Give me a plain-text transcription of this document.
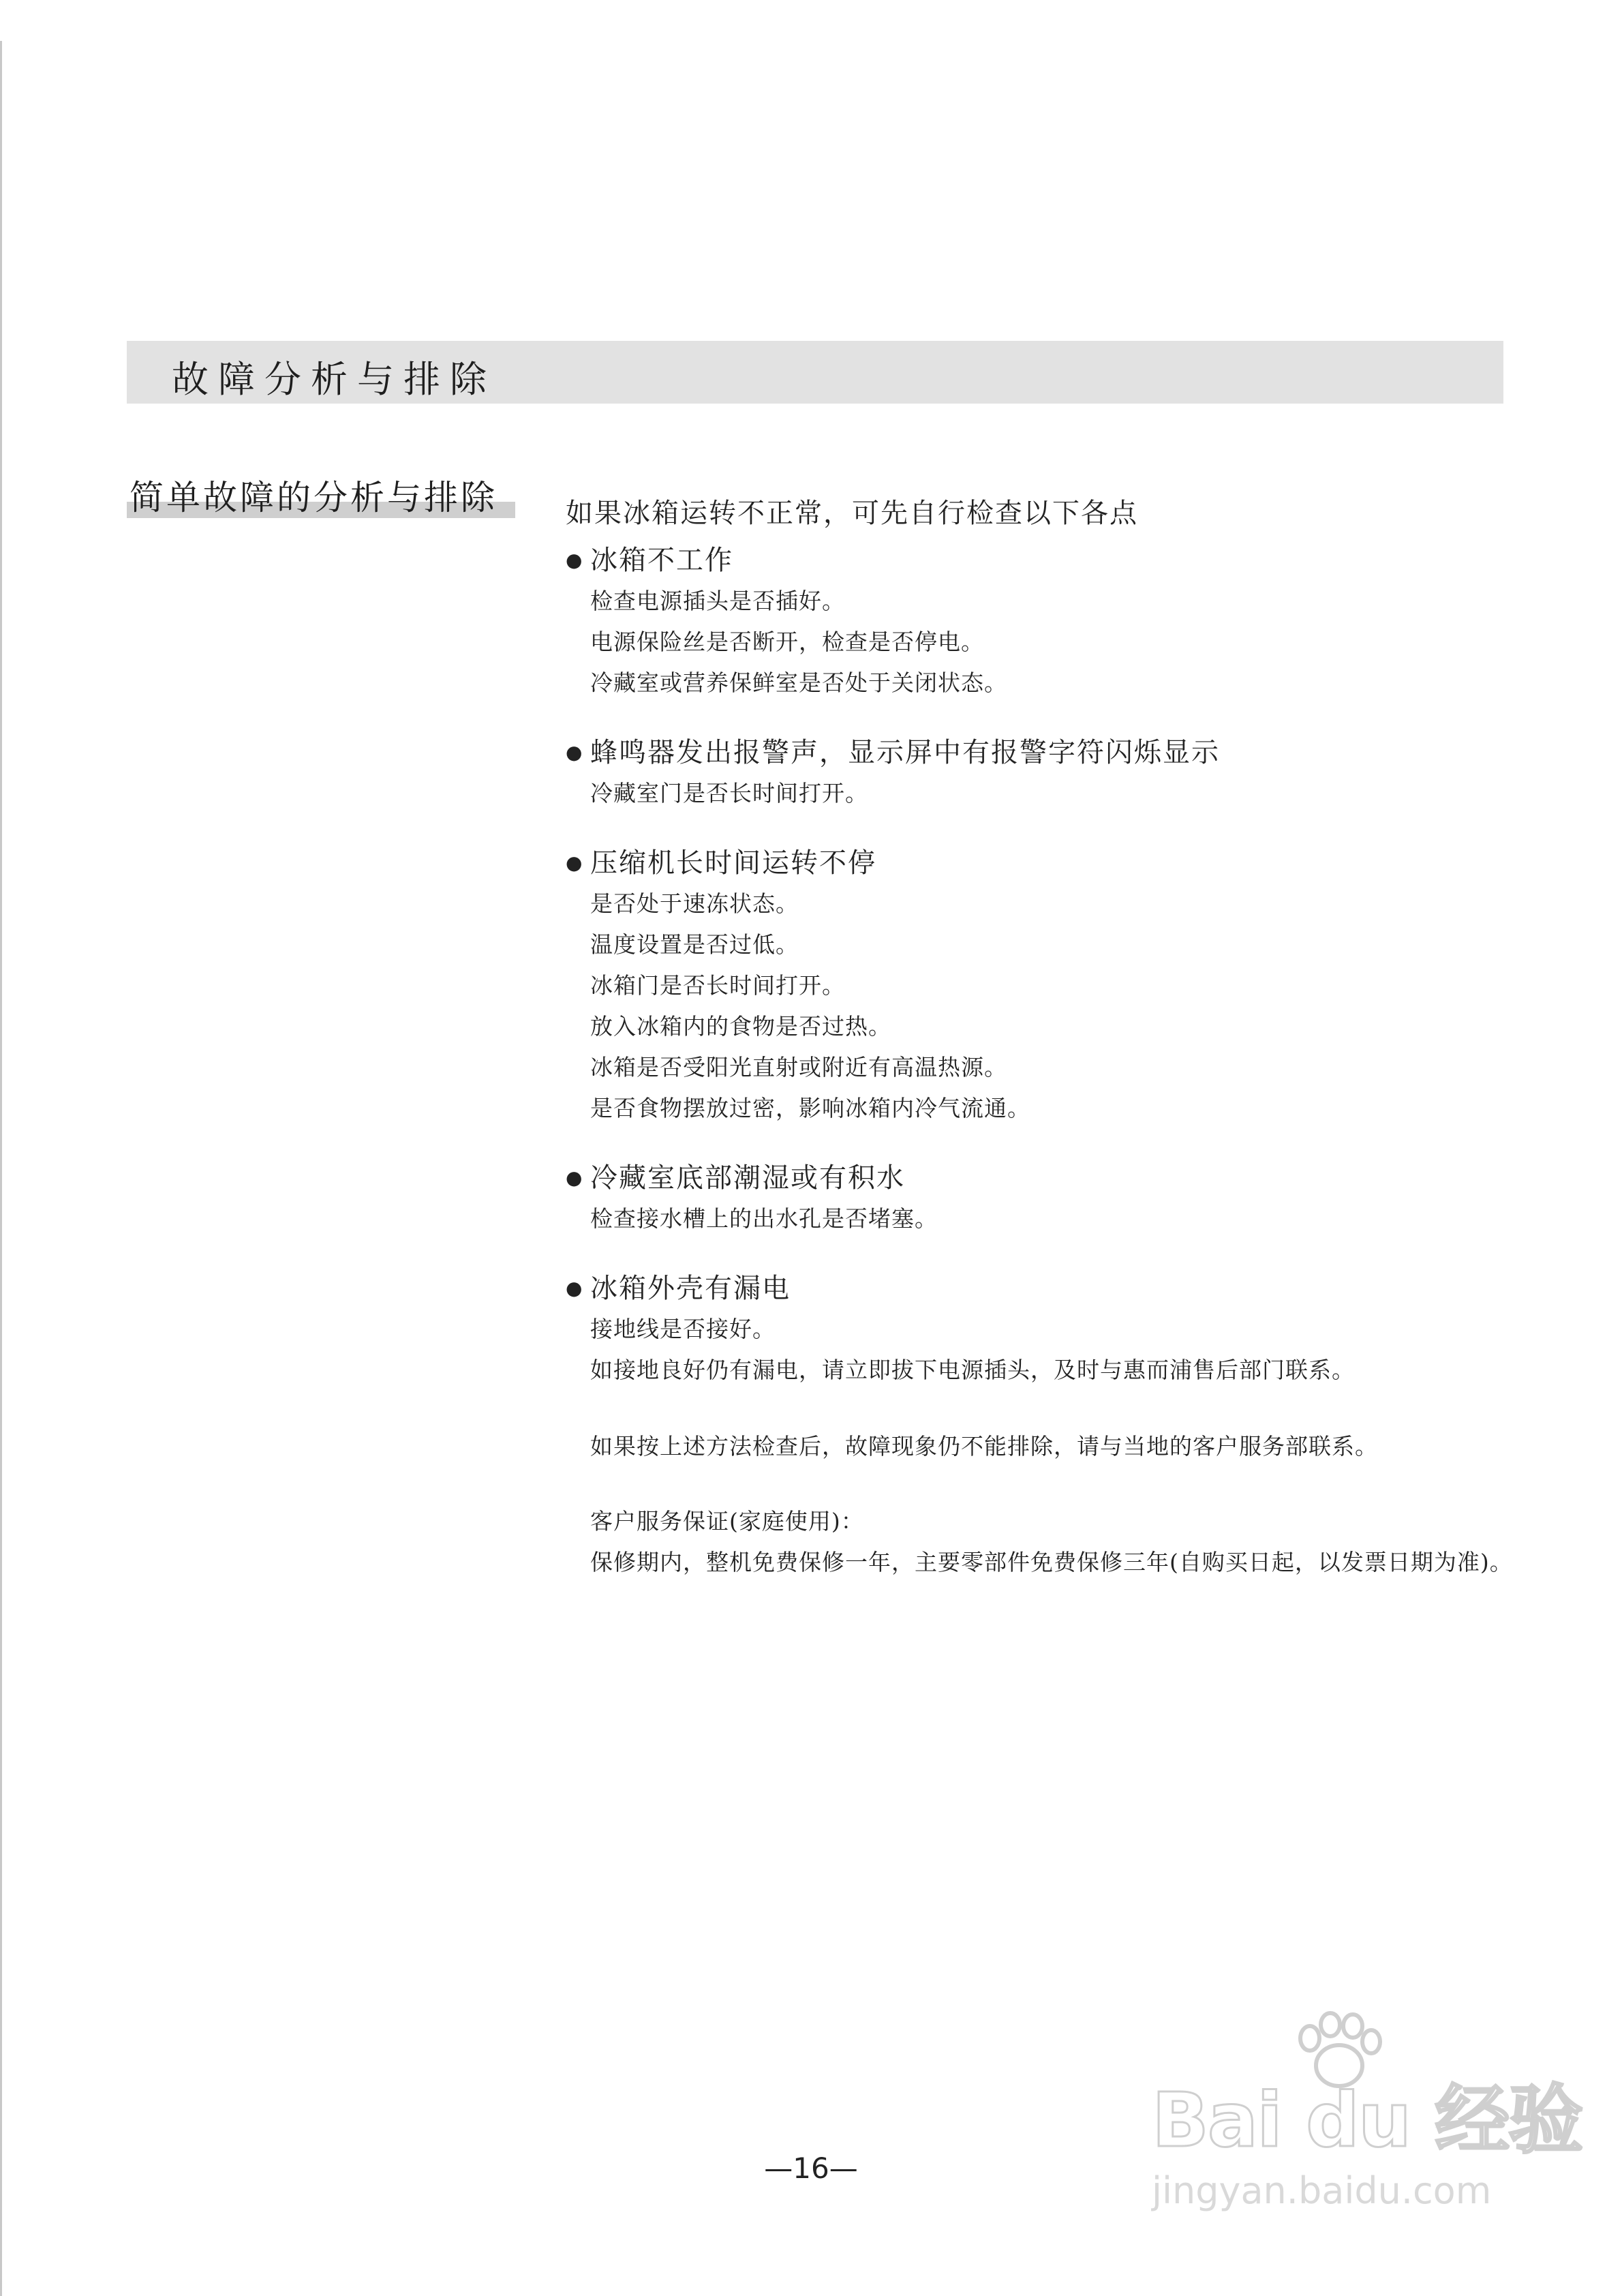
故障分析与排除
简单故障的分析与排除	如果冰箱运转不正常，可先自行检查以下各点
● 冰箱不工作
检查电源插头是否插好。
电源保险丝是否断开，检查是否停电。
冷藏室或营养保鲜室是否处于关闭状态。
● 蜂鸣器发出报警声，显示屏中有报警字符闪烁显示
冷藏室门是否长时间打开。
● 压缩机长时间运转不停
是否处于速冻状态。
温度设置是否过低。
冰箱门是否长时间打开。
放入冰箱内的食物是否过热。
冰箱是否受阳光直射或附近有高温热源。
是否食物摆放过密，影响冰箱内冷气流通。
● 冷藏室底部潮湿或有积水
检查接水槽上的出水孔是否堵塞。
● 冰箱外壳有漏电
接地线是否接好。
如接地良好仍有漏电，请立即拔下电源插头，及时与惠而浦售后部门联系。
如果按上述方法检查后，故障现象仍不能排除，请与当地的客户服务部联系。
客户服务保证(家庭使用)：
保修期内，整机免费保修一年，主要零部件免费保修三年(自购买日起，以发票日期为准)。
—16—
Bai du 经验
jingyan.baidu.com
